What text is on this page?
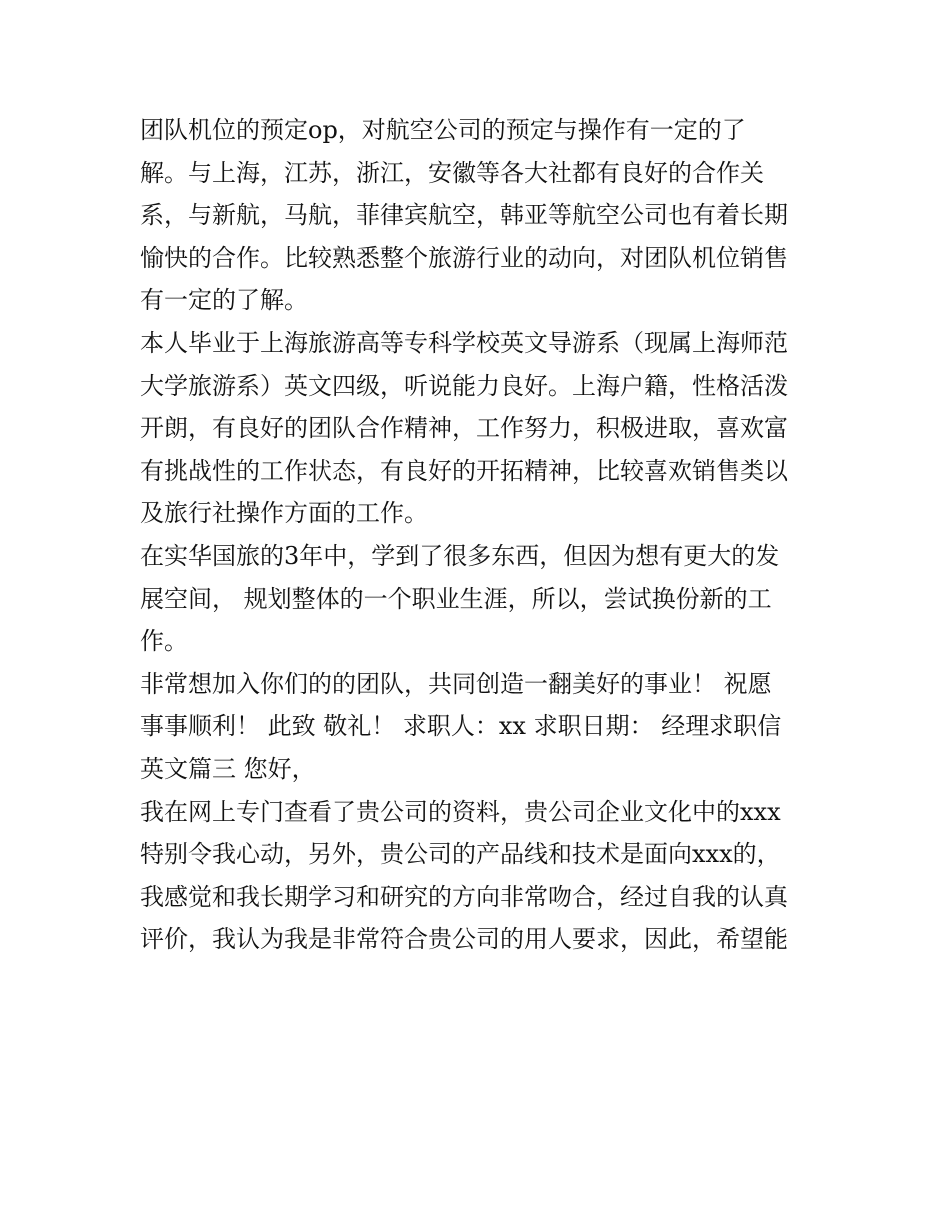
团队机位的预定op，对航空公司的预定与操作有一定的了
解。与上海，江苏，浙江，安徽等各大社都有良好的合作关
系，与新航，马航，菲律宾航空，韩亚等航空公司也有着长期
愉快的合作。比较熟悉整个旅游行业的动向，对团队机位销售
有一定的了解。
本人毕业于上海旅游高等专科学校英文导游系（现属上海师范
大学旅游系）英文四级，听说能力良好。上海户籍，性格活泼
开朗，有良好的团队合作精神，工作努力，积极进取，喜欢富
有挑战性的工作状态，有良好的开拓精神，比较喜欢销售类以
及旅行社操作方面的工作。
在实华国旅的3年中，学到了很多东西，但因为想有更大的发
展空间， 规划整体的一个职业生涯，所以，尝试换份新的工
作。
非常想加入你们的的团队，共同创造一翻美好的事业！ 祝愿
事事顺利！ 此致 敬礼！ 求职人：xx 求职日期： 经理求职信
英文篇三 您好，
我在网上专门查看了贵公司的资料，贵公司企业文化中的xxx
特别令我心动，另外，贵公司的产品线和技术是面向xxx的，
我感觉和我长期学习和研究的方向非常吻合，经过自我的认真
评价，我认为我是非常符合贵公司的用人要求，因此，希望能
